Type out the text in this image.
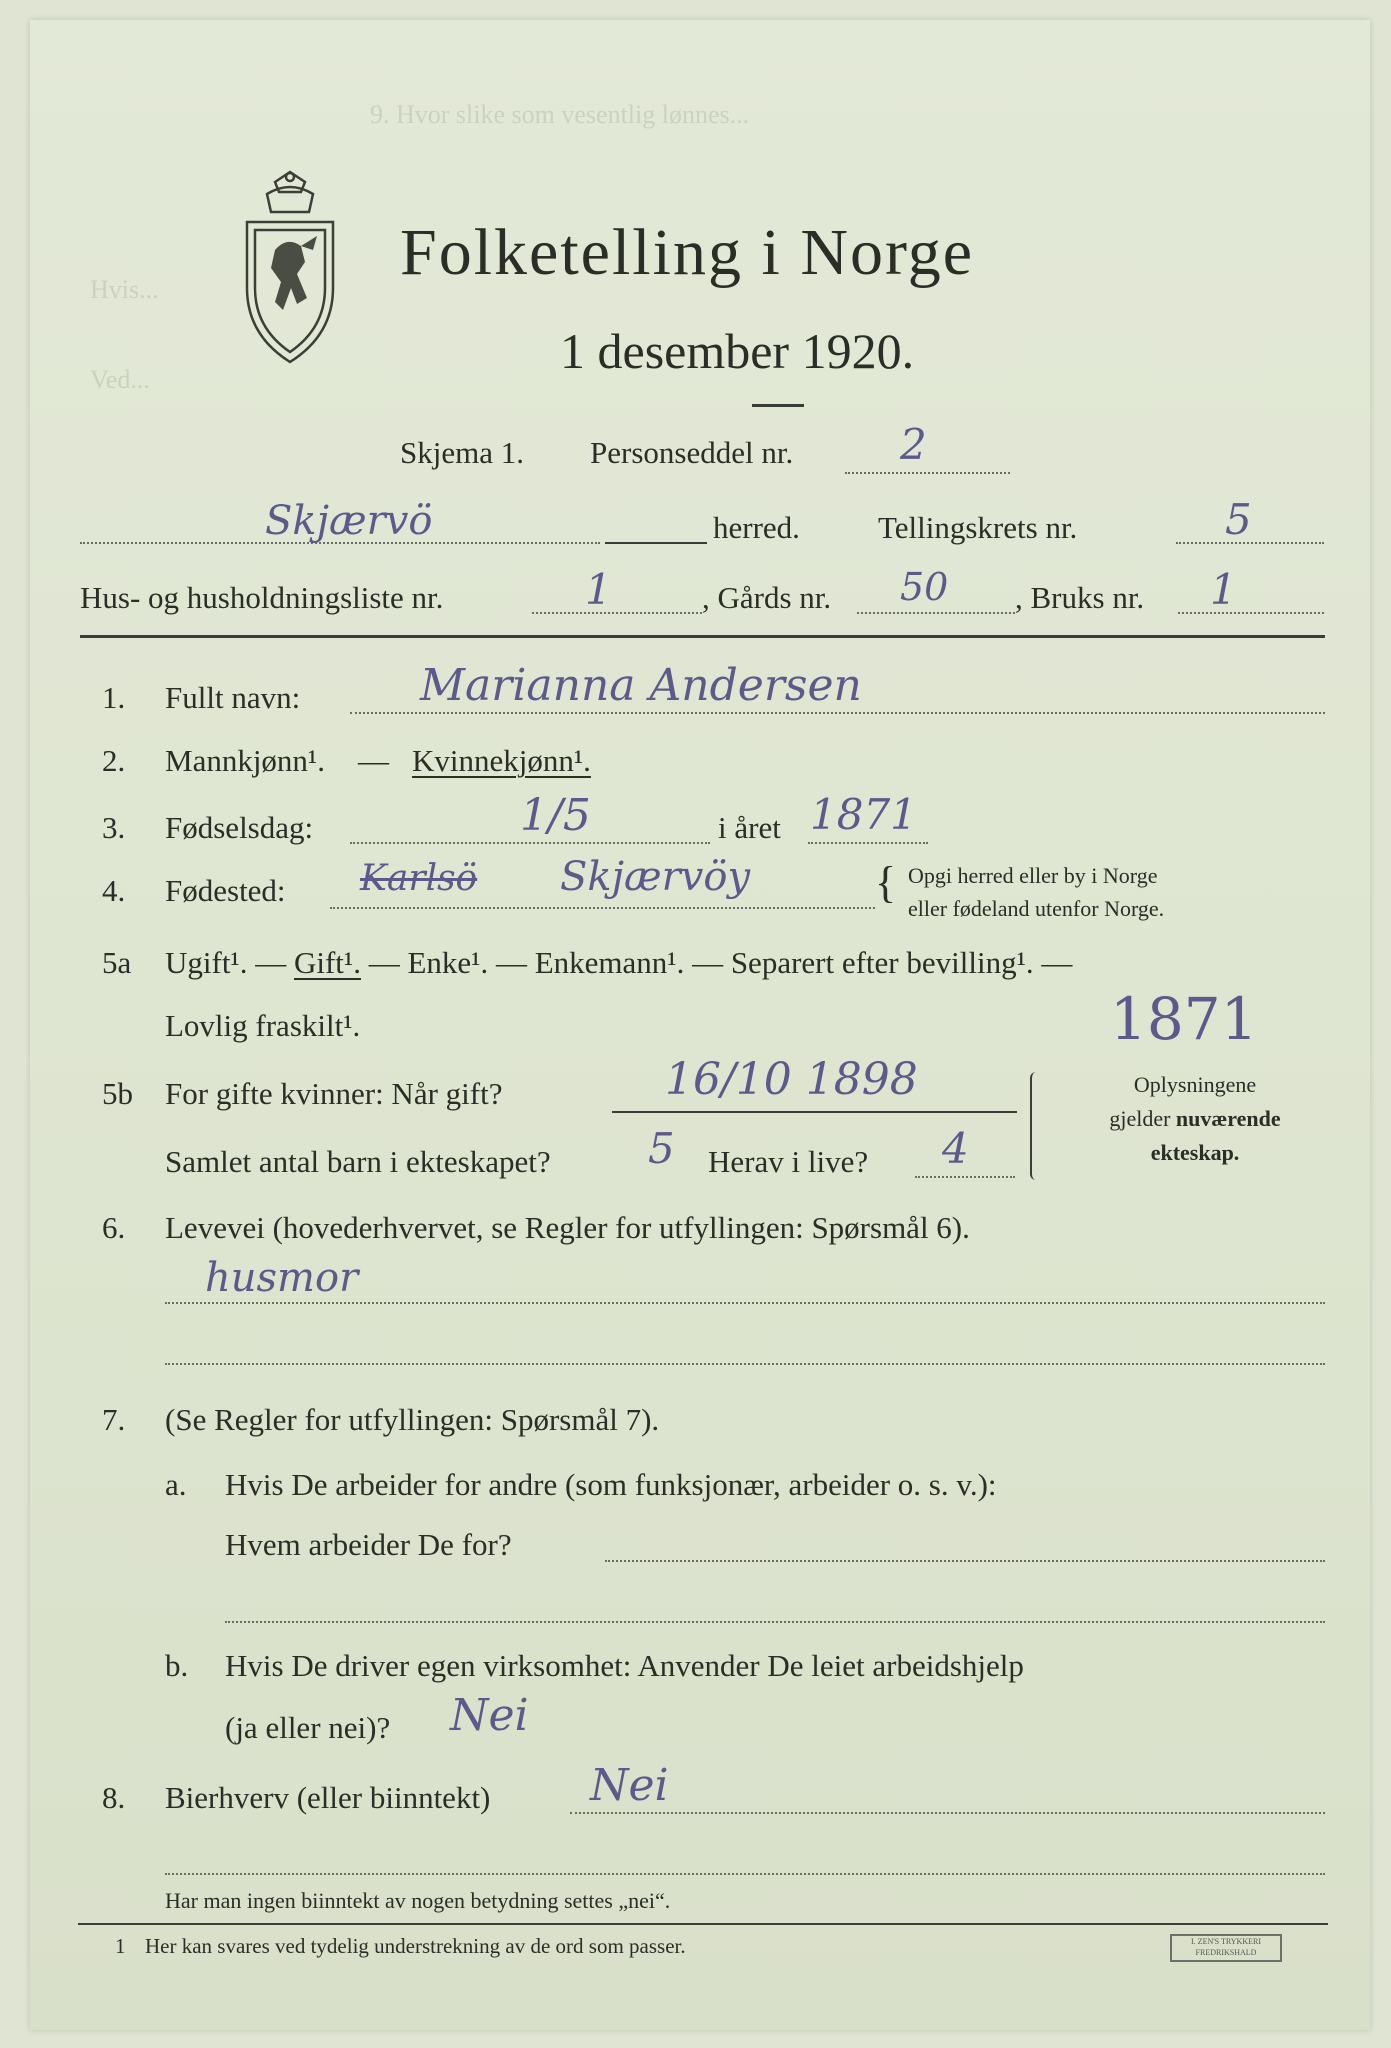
9. Hvor slike som vesentlig lønnes...
Hvis...
Ved...
Folketelling i Norge
1 desember 1920.
Skjema 1. Personseddel nr.	2
Skjærvö	herred.	Tellingskrets nr.	5
Hus- og husholdningsliste nr.	1	, Gårds nr. 50 , Bruks nr. 1
1. Fullt navn:	Marianna Andersen
2. Mannkjønn¹. — Kvinnekjønn¹.
3. Fødselsdag:	1/5	i året 1871
4. Fødested: Karlsö Skjærvöy	{ Opgi herred eller by i Norge
eller fødeland utenfor Norge.
5a Ugift¹. — Gift¹. — Enke¹. — Enkemann¹. — Separert efter bevilling¹. —
Lovlig fraskilt¹.	1871
5b For gifte kvinner: Når gift?	16/10 1898
Samlet antal barn i ekteskapet? 5 Herav i live? 4
Oplysningene
gjelder nuværende
ekteskap.
6. Levevei (hovederhvervet, se Regler for utfyllingen: Spørsmål 6).
husmor
7. (Se Regler for utfyllingen: Spørsmål 7).
a. Hvis De arbeider for andre (som funksjonær, arbeider o. s. v.):
Hvem arbeider De for?
b. Hvis De driver egen virksomhet: Anvender De leiet arbeidshjelp
(ja eller nei)? Nei
8. Bierhverv (eller biinntekt) Nei
Har man ingen biinntekt av nogen betydning settes „nei“.
1 Her kan svares ved tydelig understrekning av de ord som passer.	I. ZEN'S TRYKKERI
FREDRIKSHALD
